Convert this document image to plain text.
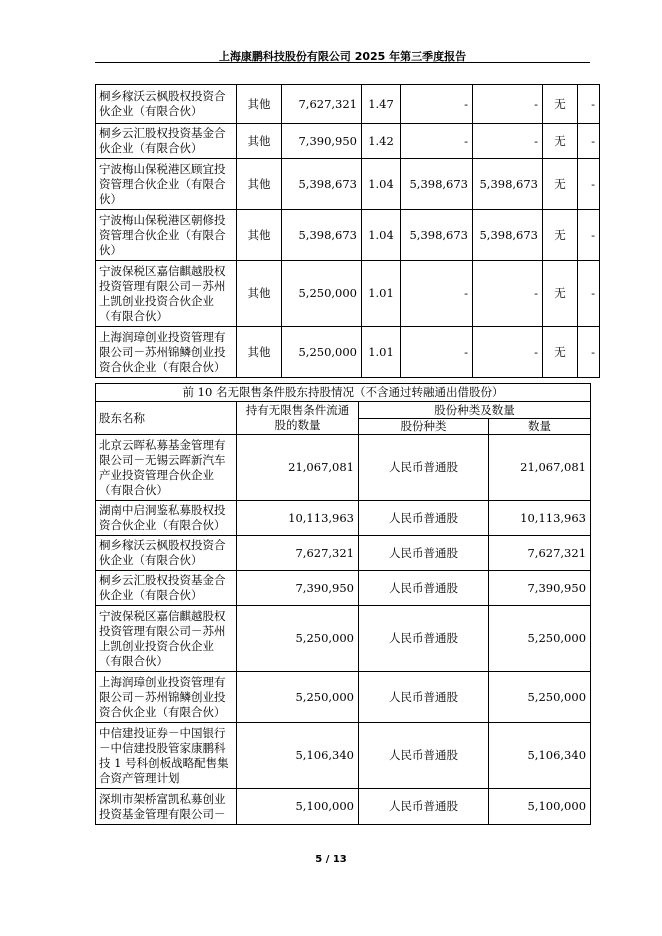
上海康鹏科技股份有限公司 2025 年第三季度报告
桐乡稼沃云枫股权投资合伙企业（有限合伙）	其他	7,627,321	1.47	-	-	无	-
桐乡云汇股权投资基金合伙企业（有限合伙）	其他	7,390,950	1.42	-	-	无	-
宁波梅山保税港区顾宜投资管理合伙企业（有限合伙）	其他	5,398,673	1.04	5,398,673	5,398,673	无	-
宁波梅山保税港区朝修投资管理合伙企业（有限合伙）	其他	5,398,673	1.04	5,398,673	5,398,673	无	-
宁波保税区嘉信麒越股权投资管理有限公司－苏州上凯创业投资合伙企业（有限合伙）	其他	5,250,000	1.01	-	-	无	-
上海润璋创业投资管理有限公司－苏州锦鳞创业投资合伙企业（有限合伙）	其他	5,250,000	1.01	-	-	无	-
前 10 名无限售条件股东持股情况（不含通过转融通出借股份）			
股东名称	持有无限售条件流通股的数量	股份种类及数量	
		股份种类	数量
北京云晖私募基金管理有限公司－无锡云晖新汽车产业投资管理合伙企业（有限合伙）	21,067,081	人民币普通股	21,067,081
湖南中启洞鉴私募股权投资合伙企业（有限合伙）	10,113,963	人民币普通股	10,113,963
桐乡稼沃云枫股权投资合伙企业（有限合伙）	7,627,321	人民币普通股	7,627,321
桐乡云汇股权投资基金合伙企业（有限合伙）	7,390,950	人民币普通股	7,390,950
宁波保税区嘉信麒越股权投资管理有限公司－苏州上凯创业投资合伙企业（有限合伙）	5,250,000	人民币普通股	5,250,000
上海润璋创业投资管理有限公司－苏州锦鳞创业投资合伙企业（有限合伙）	5,250,000	人民币普通股	5,250,000
中信建投证券－中国银行－中信建投股管家康鹏科技 1 号科创板战略配售集合资产管理计划	5,106,340	人民币普通股	5,106,340
深圳市架桥富凯私募创业投资基金管理有限公司－	5,100,000	人民币普通股	5,100,000
5 / 13
